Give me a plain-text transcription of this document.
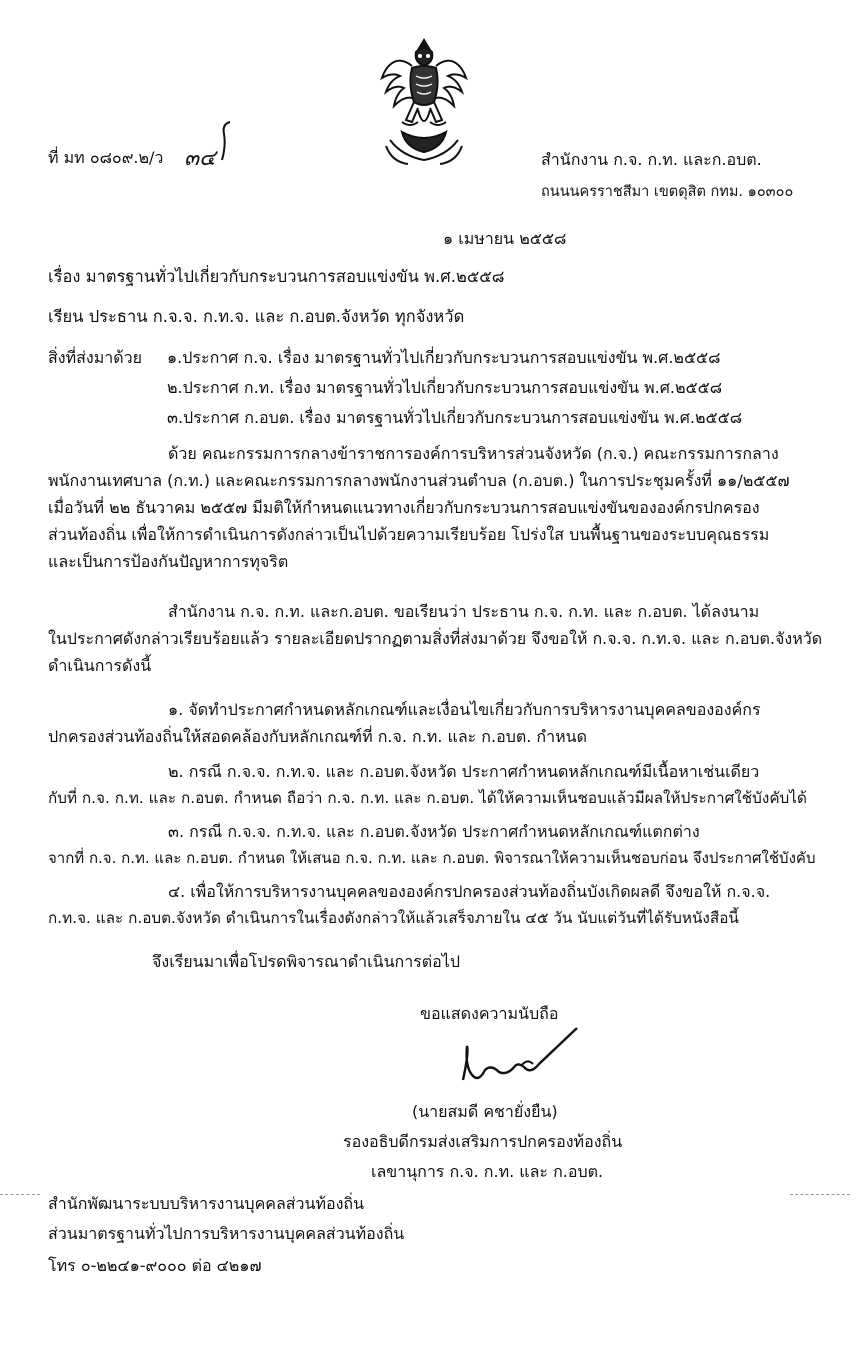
ที่ มท ๐๘๐๙.๒/ว ๓๔	สำนักงาน ก.จ. ก.ท. และก.อบต.
ถนนนครราชสีมา เขตดุสิต กทม. ๑๐๓๐๐
๑ เมษายน ๒๕๕๘
เรื่อง มาตรฐานทั่วไปเกี่ยวกับกระบวนการสอบแข่งขัน พ.ศ.๒๕๕๘
เรียน ประธาน ก.จ.จ. ก.ท.จ. และ ก.อบต.จังหวัด ทุกจังหวัด
สิ่งที่ส่งมาด้วย ๑.ประกาศ ก.จ. เรื่อง มาตรฐานทั่วไปเกี่ยวกับกระบวนการสอบแข่งขัน พ.ศ.๒๕๕๘
๒.ประกาศ ก.ท. เรื่อง มาตรฐานทั่วไปเกี่ยวกับกระบวนการสอบแข่งขัน พ.ศ.๒๕๕๘
๓.ประกาศ ก.อบต. เรื่อง มาตรฐานทั่วไปเกี่ยวกับกระบวนการสอบแข่งขัน พ.ศ.๒๕๕๘
ด้วย คณะกรรมการกลางข้าราชการองค์การบริหารส่วนจังหวัด (ก.จ.) คณะกรรมการกลาง
พนักงานเทศบาล (ก.ท.) และคณะกรรมการกลางพนักงานส่วนตำบล (ก.อบต.) ในการประชุมครั้งที่ ๑๑/๒๕๕๗
เมื่อวันที่ ๒๒ ธันวาคม ๒๕๕๗ มีมติให้กำหนดแนวทางเกี่ยวกับกระบวนการสอบแข่งขันขององค์กรปกครอง
ส่วนท้องถิ่น เพื่อให้การดำเนินการดังกล่าวเป็นไปด้วยความเรียบร้อย โปร่งใส บนพื้นฐานของระบบคุณธรรม
และเป็นการป้องกันปัญหาการทุจริต
สำนักงาน ก.จ. ก.ท. และก.อบต. ขอเรียนว่า ประธาน ก.จ. ก.ท. และ ก.อบต. ได้ลงนาม
ในประกาศดังกล่าวเรียบร้อยแล้ว รายละเอียดปรากฏตามสิ่งที่ส่งมาด้วย จึงขอให้ ก.จ.จ. ก.ท.จ. และ ก.อบต.จังหวัด
ดำเนินการดังนี้
๑. จัดทำประกาศกำหนดหลักเกณฑ์และเงื่อนไขเกี่ยวกับการบริหารงานบุคคลขององค์กร
ปกครองส่วนท้องถิ่นให้สอดคล้องกับหลักเกณฑ์ที่ ก.จ. ก.ท. และ ก.อบต. กำหนด
๒. กรณี ก.จ.จ. ก.ท.จ. และ ก.อบต.จังหวัด ประกาศกำหนดหลักเกณฑ์มีเนื้อหาเช่นเดียว
กับที่ ก.จ. ก.ท. และ ก.อบต. กำหนด ถือว่า ก.จ. ก.ท. และ ก.อบต. ได้ให้ความเห็นชอบแล้วมีผลให้ประกาศใช้บังคับได้
๓. กรณี ก.จ.จ. ก.ท.จ. และ ก.อบต.จังหวัด ประกาศกำหนดหลักเกณฑ์แตกต่าง
จากที่ ก.จ. ก.ท. และ ก.อบต. กำหนด ให้เสนอ ก.จ. ก.ท. และ ก.อบต. พิจารณาให้ความเห็นชอบก่อน จึงประกาศใช้บังคับ
๔. เพื่อให้การบริหารงานบุคคลขององค์กรปกครองส่วนท้องถิ่นบังเกิดผลดี จึงขอให้ ก.จ.จ.
ก.ท.จ. และ ก.อบต.จังหวัด ดำเนินการในเรื่องดังกล่าวให้แล้วเสร็จภายใน ๔๕ วัน นับแต่วันที่ได้รับหนังสือนี้
จึงเรียนมาเพื่อโปรดพิจารณาดำเนินการต่อไป
ขอแสดงความนับถือ
(นายสมดี คชายั่งยืน)
รองอธิบดีกรมส่งเสริมการปกครองท้องถิ่น
เลขานุการ ก.จ. ก.ท. และ ก.อบต.
สำนักพัฒนาระบบบริหารงานบุคคลส่วนท้องถิ่น
ส่วนมาตรฐานทั่วไปการบริหารงานบุคคลส่วนท้องถิ่น
โทร ๐-๒๒๔๑-๙๐๐๐ ต่อ ๔๒๑๗
